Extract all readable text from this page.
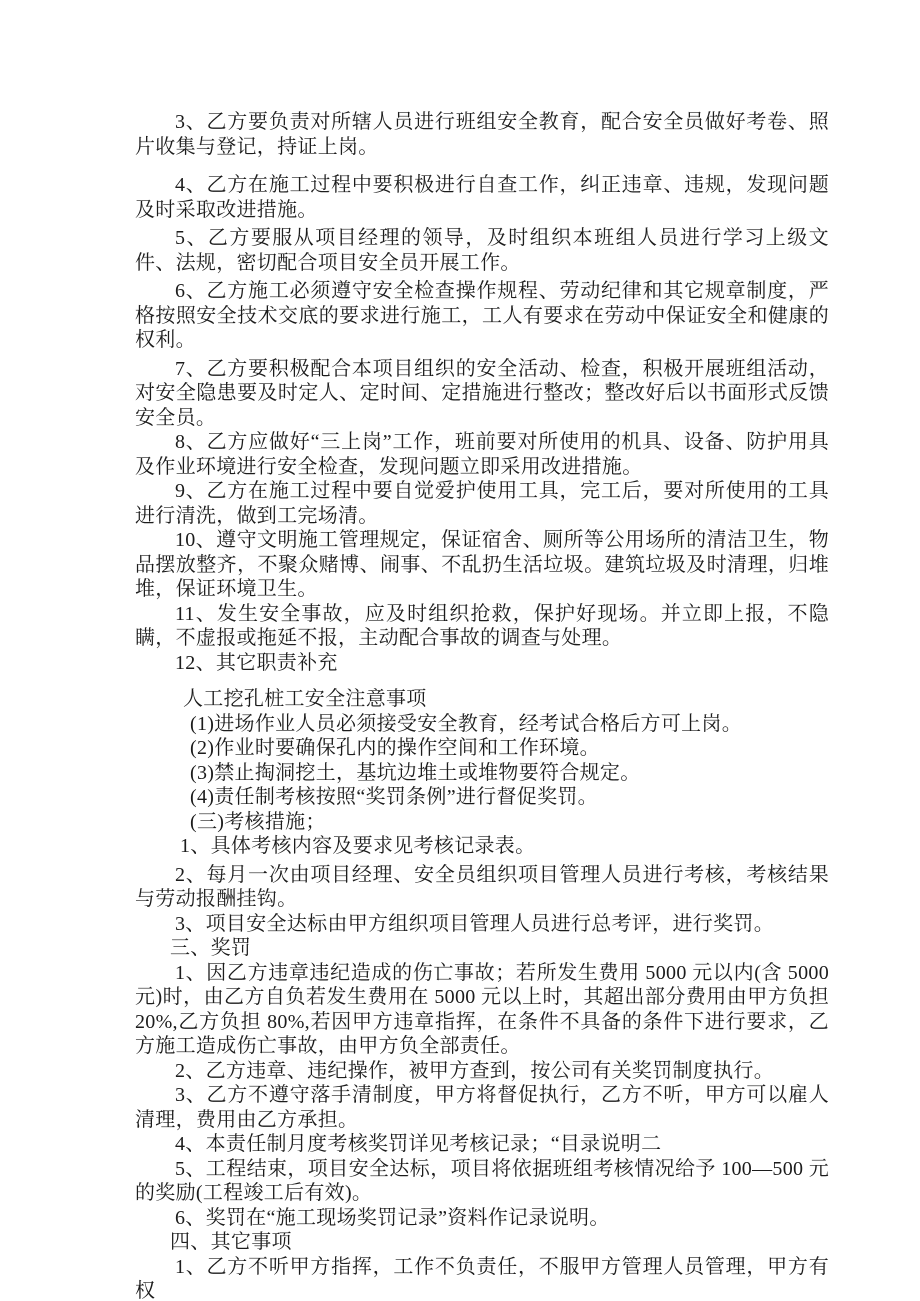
3、乙方要负责对所辖人员进行班组安全教育，配合安全员做好考卷、照片收集与登记，持证上岗。

4、乙方在施工过程中要积极进行自查工作，纠正违章、违规，发现问题及时采取改进措施。

5、乙方要服从项目经理的领导，及时组织本班组人员进行学习上级文件、法规，密切配合项目安全员开展工作。

6、乙方施工必须遵守安全检查操作规程、劳动纪律和其它规章制度，严格按照安全技术交底的要求进行施工，工人有要求在劳动中保证安全和健康的权利。

7、乙方要积极配合本项目组织的安全活动、检查，积极开展班组活动，对安全隐患要及时定人、定时间、定措施进行整改；整改好后以书面形式反馈安全员。

8、乙方应做好“三上岗”工作，班前要对所使用的机具、设备、防护用具及作业环境进行安全检查，发现问题立即采用改进措施。

9、乙方在施工过程中要自觉爱护使用工具，完工后，要对所使用的工具进行清洗，做到工完场清。

10、遵守文明施工管理规定，保证宿舍、厕所等公用场所的清洁卫生，物品摆放整齐，不聚众赌博、闹事、不乱扔生活垃圾。建筑垃圾及时清理，归堆堆，保证环境卫生。

11、发生安全事故，应及时组织抢救，保护好现场。并立即上报，不隐瞒，不虚报或拖延不报，主动配合事故的调查与处理。

12、其它职责补充

人工挖孔桩工安全注意事项

(1)进场作业人员必须接受安全教育，经考试合格后方可上岗。

(2)作业时要确保孔内的操作空间和工作环境。

(3)禁止掏洞挖土，基坑边堆土或堆物要符合规定。

(4)责任制考核按照“奖罚条例”进行督促奖罚。

(三)考核措施；

1、具体考核内容及要求见考核记录表。

2、每月一次由项目经理、安全员组织项目管理人员进行考核，考核结果与劳动报酬挂钩。

3、项目安全达标由甲方组织项目管理人员进行总考评，进行奖罚。

三、奖罚

1、因乙方违章违纪造成的伤亡事故；若所发生费用 5000 元以内(含 5000 元)时，由乙方自负若发生费用在 5000 元以上时，其超出部分费用由甲方负担 20%,乙方负担 80%,若因甲方违章指挥，在条件不具备的条件下进行要求，乙方施工造成伤亡事故，由甲方负全部责任。

2、乙方违章、违纪操作，被甲方查到，按公司有关奖罚制度执行。

3、乙方不遵守落手清制度，甲方将督促执行，乙方不听，甲方可以雇人清理，费用由乙方承担。

4、本责任制月度考核奖罚详见考核记录；“目录说明二

5、工程结束，项目安全达标，项目将依据班组考核情况给予 100—500 元的奖励(工程竣工后有效)。

6、奖罚在“施工现场奖罚记录”资料作记录说明。

四、其它事项

1、乙方不听甲方指挥，工作不负责任，不服甲方管理人员管理，甲方有权
